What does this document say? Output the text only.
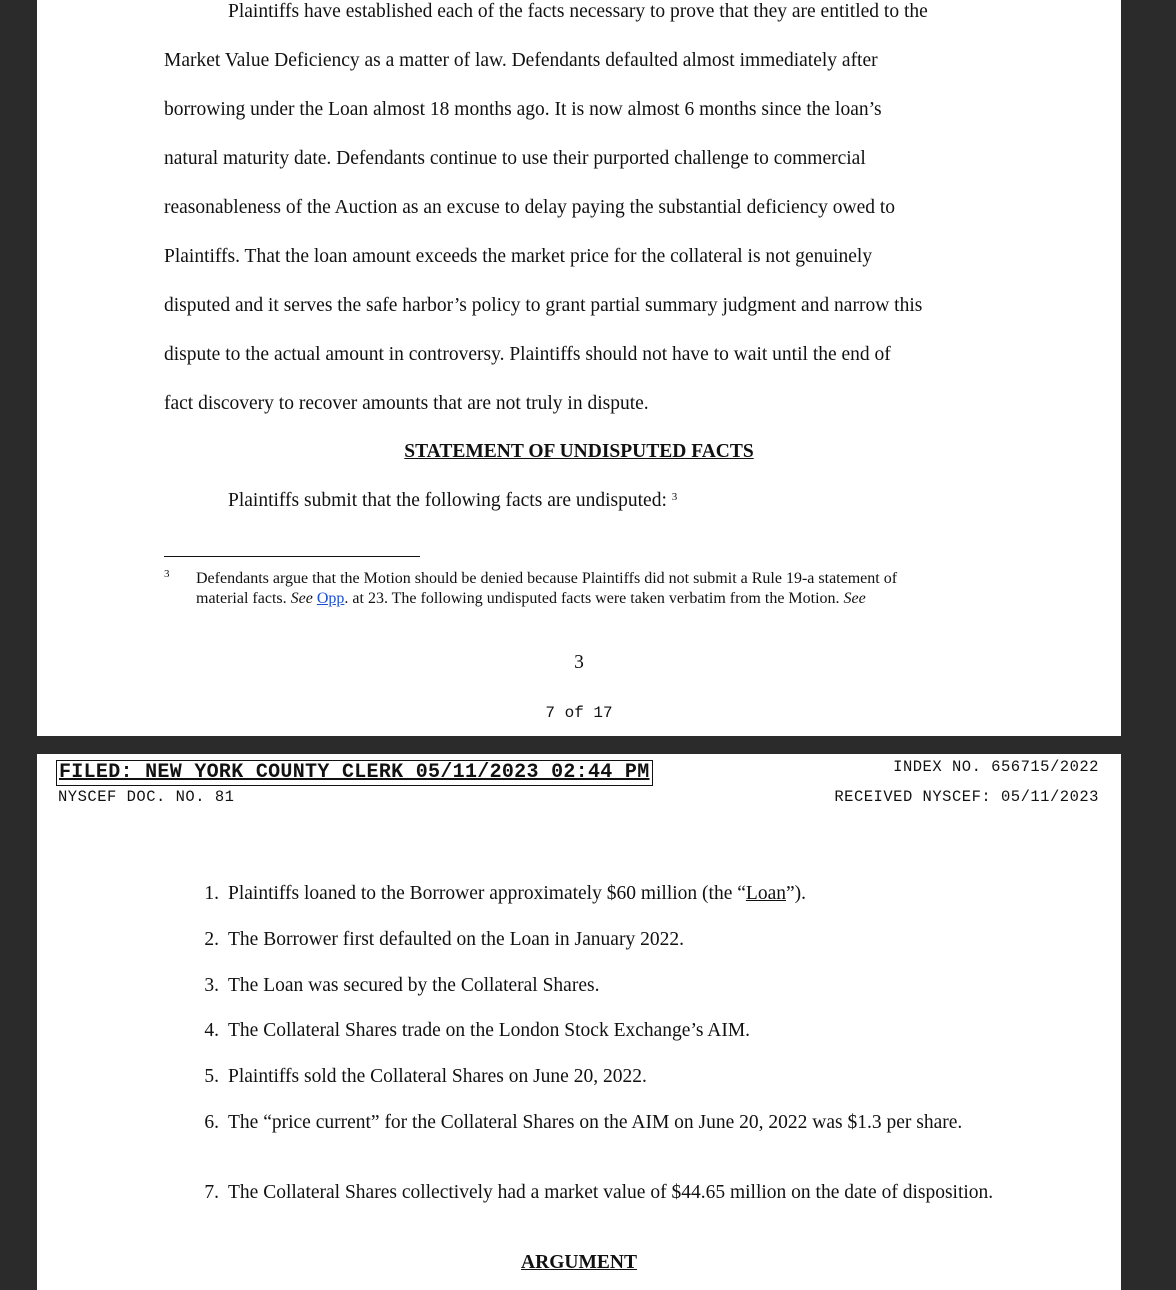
Plaintiffs have established each of the facts necessary to prove that they are entitled to the
Market Value Deficiency as a matter of law. Defendants defaulted almost immediately after
borrowing under the Loan almost 18 months ago. It is now almost 6 months since the loan’s
natural maturity date. Defendants continue to use their purported challenge to commercial
reasonableness of the Auction as an excuse to delay paying the substantial deficiency owed to
Plaintiffs. That the loan amount exceeds the market price for the collateral is not genuinely
disputed and it serves the safe harbor’s policy to grant partial summary judgment and narrow this
dispute to the actual amount in controversy. Plaintiffs should not have to wait until the end of
fact discovery to recover amounts that are not truly in dispute.
STATEMENT OF UNDISPUTED FACTS
Plaintiffs submit that the following facts are undisputed: $^3$
3 Defendants argue that the Motion should be denied because Plaintiffs did not submit a Rule 19-a statement of
material facts. See Opp. at 23. The following undisputed facts were taken verbatim from the Motion. See
3
7 of 17
FILED: NEW YORK COUNTY CLERK 05/11/2023 02:44 PM	INDEX NO. 656715/2022
NYSCEF DOC. NO. 81	RECEIVED NYSCEF: 05/11/2023
1. Plaintiffs loaned to the Borrower approximately $60 million (the “Loan”).
2. The Borrower first defaulted on the Loan in January 2022.
3. The Loan was secured by the Collateral Shares.
4. The Collateral Shares trade on the London Stock Exchange’s AIM.
5. Plaintiffs sold the Collateral Shares on June 20, 2022.
6. The “price current” for the Collateral Shares on the AIM on June 20, 2022 was $1.3 per share.
7. The Collateral Shares collectively had a market value of $44.65 million on the date of disposition.
ARGUMENT
